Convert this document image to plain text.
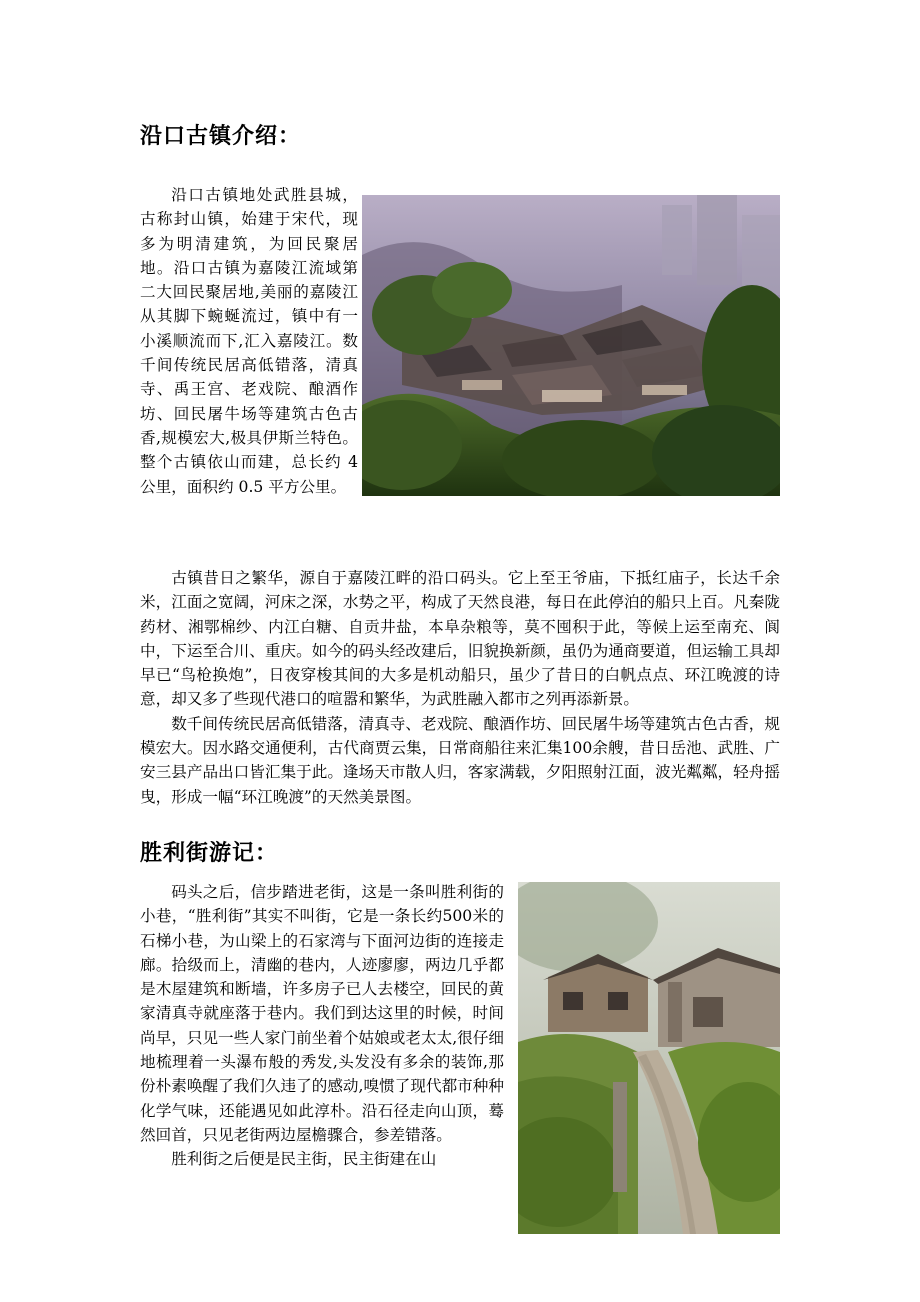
沿口古镇介绍：

沿口古镇地处武胜县城，古称封山镇，始建于宋代，现多为明清建筑，为回民聚居地。沿口古镇为嘉陵江流域第二大回民聚居地,美丽的嘉陵江从其脚下蜿蜒流过，镇中有一小溪顺流而下,汇入嘉陵江。数千间传统民居高低错落，清真寺、禹王宫、老戏院、酿酒作坊、回民屠牛场等建筑古色古香,规模宏大,极具伊斯兰特色。整个古镇依山而建，总长约 4 公里，面积约 0.5 平方公里。

古镇昔日之繁华，源自于嘉陵江畔的沿口码头。它上至王爷庙，下抵红庙子，长达千余米，江面之宽阔，河床之深，水势之平，构成了天然良港，每日在此停泊的船只上百。凡秦陇药材、湘鄂棉纱、内江白糖、自贡井盐，本阜杂粮等，莫不囤积于此，等候上运至南充、阆中，下运至合川、重庆。如今的码头经改建后，旧貌换新颜，虽仍为通商要道，但运输工具却早已“鸟枪换炮”，日夜穿梭其间的大多是机动船只，虽少了昔日的白帆点点、环江晚渡的诗意，却又多了些现代港口的喧嚣和繁华，为武胜融入都市之列再添新景。

数千间传统民居高低错落，清真寺、老戏院、酿酒作坊、回民屠牛场等建筑古色古香，规模宏大。因水路交通便利，古代商贾云集，日常商船往来汇集100余艘，昔日岳池、武胜、广安三县产品出口皆汇集于此。逢场天市散人归，客家满载，夕阳照射江面，波光粼粼，轻舟摇曳，形成一幅“环江晚渡”的天然美景图。

胜利街游记：

码头之后，信步踏进老街，这是一条叫胜利街的小巷，“胜利街”其实不叫街，它是一条长约500米的石梯小巷，为山梁上的石家湾与下面河边街的连接走廊。拾级而上，清幽的巷内，人迹廖廖，两边几乎都是木屋建筑和断墙，许多房子已人去楼空，回民的黄家清真寺就座落于巷内。我们到达这里的时候，时间尚早，只见一些人家门前坐着个姑娘或老太太,很仔细地梳理着一头瀑布般的秀发,头发没有多余的装饰,那份朴素唤醒了我们久违了的感动,嗅惯了现代都市种种化学气味，还能遇见如此淳朴。沿石径走向山顶，蓦然回首，只见老街两边屋檐骤合，参差错落。

胜利街之后便是民主街，民主街建在山
